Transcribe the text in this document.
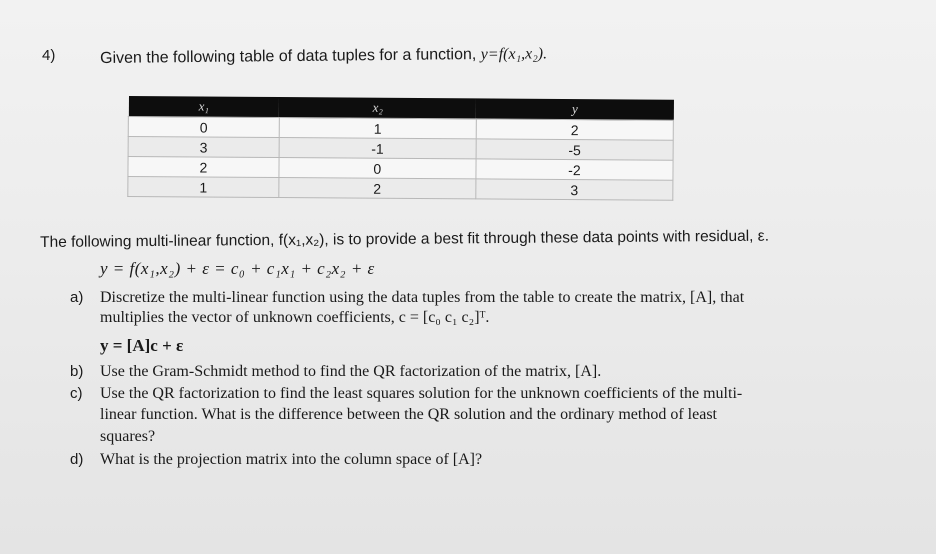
4)	Given the following table of data tuples for a function, y=f(x₁,x₂).
x₁	x₂	y
0	1	2
3	-1	-5
2	0	-2
1	2	3
The following multi-linear function, f(x₁,x₂), is to provide a best fit through these data points with residual, ε.
y = f(x₁,x₂) + ε = c₀ + c₁x₁ + c₂x₂ + ε
a) Discretize the multi-linear function using the data tuples from the table to create the matrix, [A], that
multiplies the vector of unknown coefficients, c = [c₀ c₁ c₂]ᵀ.
y = [A]c + ε
b) Use the Gram-Schmidt method to find the QR factorization of the matrix, [A].
c) Use the QR factorization to find the least squares solution for the unknown coefficients of the multi-
linear function. What is the difference between the QR solution and the ordinary method of least
squares?
d) What is the projection matrix into the column space of [A]?
